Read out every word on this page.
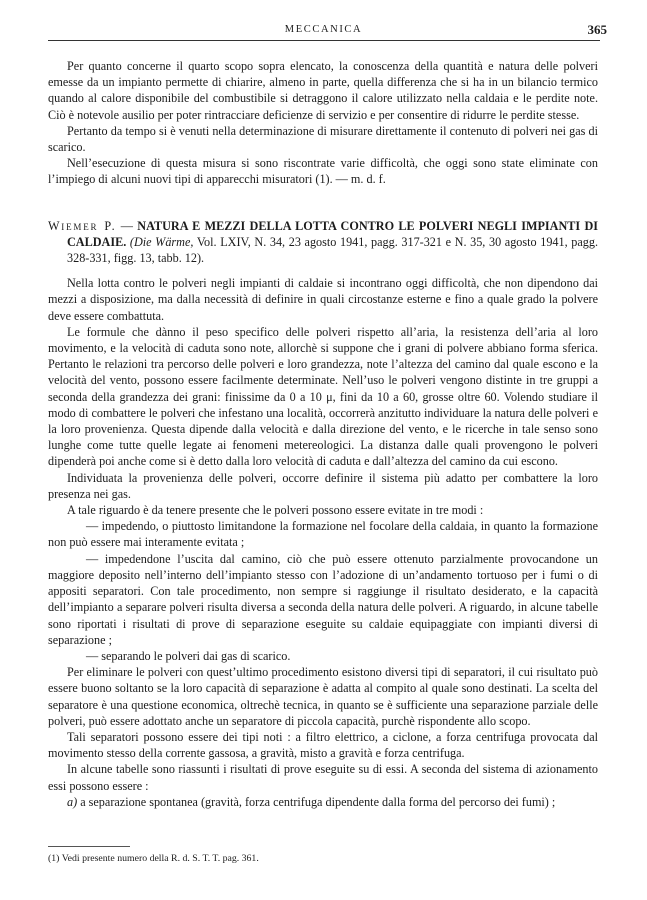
MECCANICA	365

Per quanto concerne il quarto scopo sopra elencato, la conoscenza della quantità e natura delle polveri emesse da un impianto permette di chiarire, almeno in parte, quella differenza che si ha in un bilancio termico quando al calore disponibile del combustibile si detraggono il calore utilizzato nella caldaia e le perdite note. Ciò è notevole ausilio per poter rintracciare deficienze di servizio e per consentire di ridurre le perdite stesse.

Pertanto da tempo si è venuti nella determinazione di misurare direttamente il contenuto di polveri nei gas di scarico.

Nell’esecuzione di questa misura si sono riscontrate varie difficoltà, che oggi sono state eliminate con l’impiego di alcuni nuovi tipi di apparecchi misuratori (1). — m. d. f.

Wiemer P. — NATURA E MEZZI DELLA LOTTA CONTRO LE POLVERI NEGLI IMPIANTI DI CALDAIE. (Die Wärme, Vol. LXIV, N. 34, 23 agosto 1941, pagg. 317-321 e N. 35, 30 agosto 1941, pagg. 328-331, figg. 13, tabb. 12).

Nella lotta contro le polveri negli impianti di caldaie si incontrano oggi difficoltà, che non dipendono dai mezzi a disposizione, ma dalla necessità di definire in quali circostanze esterne e fino a quale grado la polvere deve essere combattuta.

Le formule che dànno il peso specifico delle polveri rispetto all’aria, la resistenza dell’aria al loro movimento, e la velocità di caduta sono note, allorchè si suppone che i grani di polvere abbiano forma sferica. Pertanto le relazioni tra percorso delle polveri e loro grandezza, note l’altezza del camino dal quale escono e la velocità del vento, possono essere facilmente determinate. Nell’uso le polveri vengono distinte in tre gruppi a seconda della grandezza dei grani: finissime da 0 a 10 μ, fini da 10 a 60, grosse oltre 60. Volendo studiare il modo di combattere le polveri che infestano una località, occorrerà anzitutto individuare la natura delle polveri e la loro provenienza. Questa dipende dalla velocità e dalla direzione del vento, e le ricerche in tale senso sono lunghe come tutte quelle legate ai fenomeni metereologici. La distanza dalle quali provengono le polveri dipenderà poi anche come si è detto dalla loro velocità di caduta e dall’altezza del camino da cui escono.

Individuata la provenienza delle polveri, occorre definire il sistema più adatto per combattere la loro presenza nei gas.

A tale riguardo è da tenere presente che le polveri possono essere evitate in tre modi :

— impedendo, o piuttosto limitandone la formazione nel focolare della caldaia, in quanto la formazione non può essere mai interamente evitata ;

— impedendone l’uscita dal camino, ciò che può essere ottenuto parzialmente provocandone un maggiore deposito nell’interno dell’impianto stesso con l’adozione di un’andamento tortuoso per i fumi o di appositi separatori. Con tale procedimento, non sempre si raggiunge il risultato desiderato, e la capacità dell’impianto a separare polveri risulta diversa a seconda della natura delle polveri. A riguardo, in alcune tabelle sono riportati i risultati di prove di separazione eseguite su caldaie equipaggiate con impianti diversi di separazione ;

— separando le polveri dai gas di scarico.

Per eliminare le polveri con quest’ultimo procedimento esistono diversi tipi di separatori, il cui risultato può essere buono soltanto se la loro capacità di separazione è adatta al compito al quale sono destinati. La scelta del separatore è una questione economica, oltrechè tecnica, in quanto se è sufficiente una separazione parziale delle polveri, può essere adottato anche un separatore di piccola capacità, purchè rispondente allo scopo.

Tali separatori possono essere dei tipi noti : a filtro elettrico, a ciclone, a forza centrifuga provocata dal movimento stesso della corrente gassosa, a gravità, misto a gravità e forza centrifuga.

In alcune tabelle sono riassunti i risultati di prove eseguite su di essi. A seconda del sistema di azionamento essi possono essere :

a) a separazione spontanea (gravità, forza centrifuga dipendente dalla forma del percorso dei fumi) ;

(1) Vedi presente numero della R. d. S. T. T. pag. 361.
